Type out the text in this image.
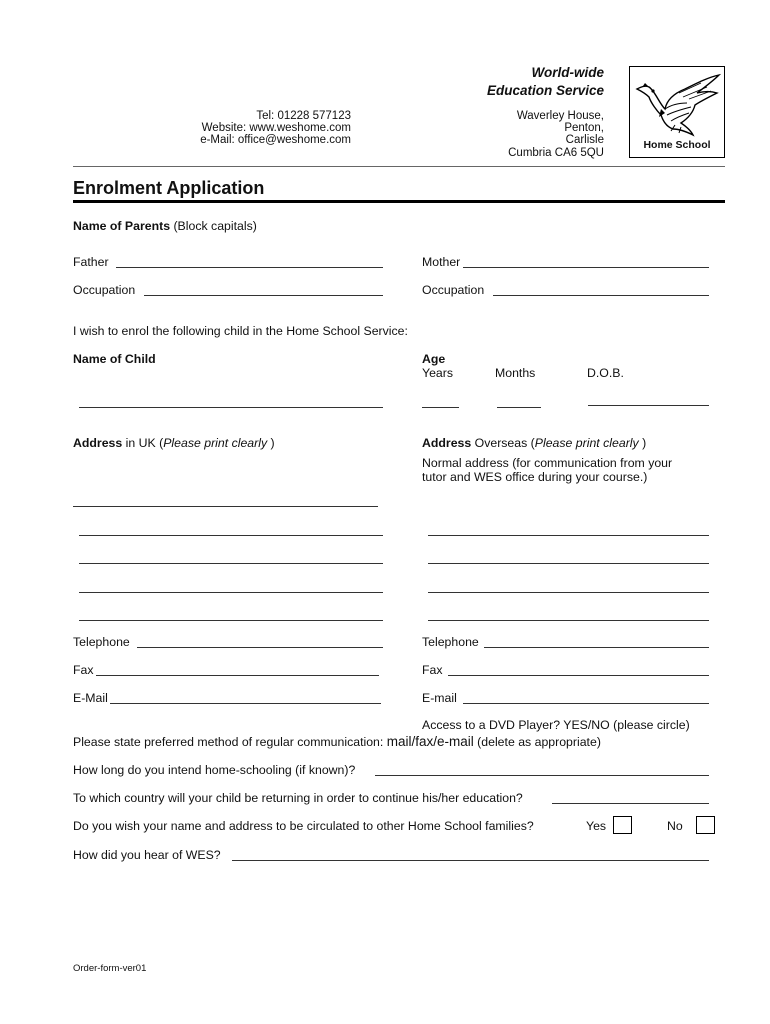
World-wide
Education Service
Tel: 01228 577123
Website: www.weshome.com
e-Mail: office@weshome.com
Waverley House,
Penton,
Carlisle
Cumbria CA6 5QU
Home School
Enrolment Application
Name of Parents (Block capitals)
Father	Mother
Occupation	Occupation
I wish to enrol the following child in the Home School Service:
Name of Child	Age
Years	Months	D.O.B.
Address in UK (Please print clearly )	Address Overseas (Please print clearly )
Normal address (for communication from your
tutor and WES office during your course.)
Telephone	Telephone
Fax	Fax
E-Mail	E-mail
Access to a DVD Player? YES/NO (please circle)
Please state preferred method of regular communication: mail/fax/e-mail (delete as appropriate)
How long do you intend home-schooling (if known)?
To which country will your child be returning in order to continue his/her education?
Do you wish your name and address to be circulated to other Home School families?	Yes	No
How did you hear of WES?
Order-form-ver01
